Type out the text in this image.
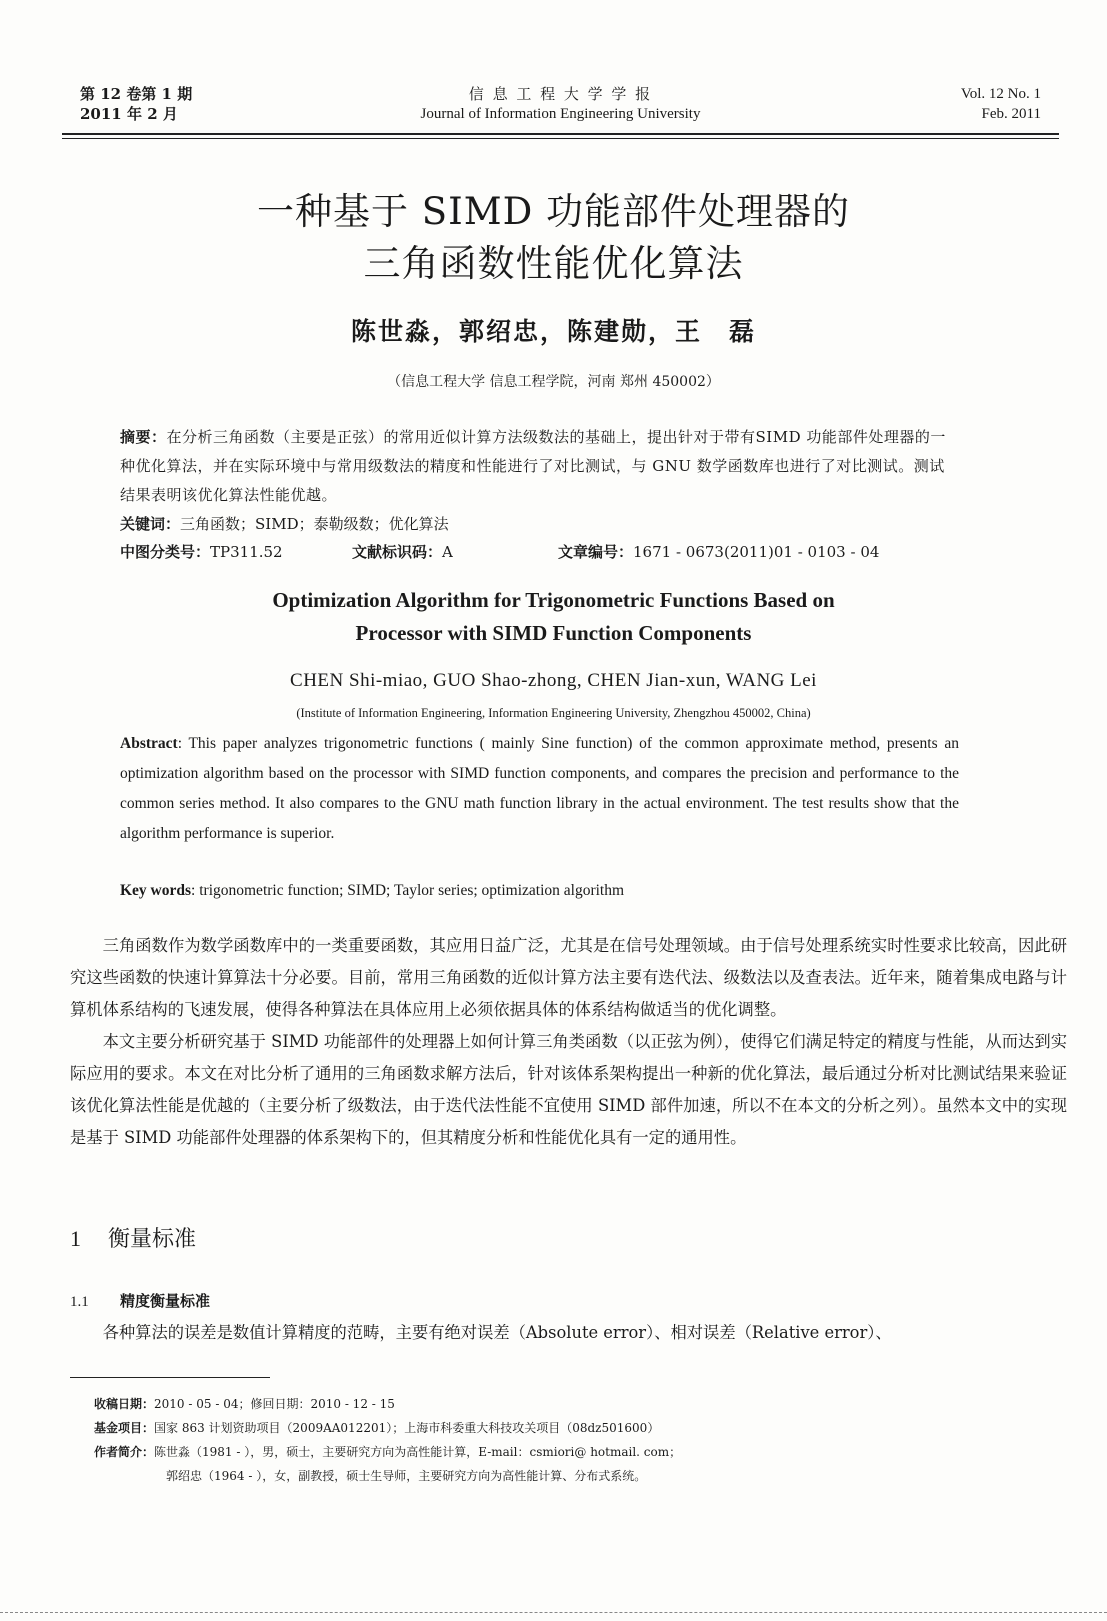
第 12 卷第 1 期
2011 年 2 月
信 息 工 程 大 学 学 报
Journal of Information Engineering University
Vol. 12 No. 1
Feb. 2011
一种基于 SIMD 功能部件处理器的
三角函数性能优化算法
陈世淼，郭绍忠，陈建勋，王　磊
（信息工程大学 信息工程学院，河南 郑州 450002）
摘要：在分析三角函数（主要是正弦）的常用近似计算方法级数法的基础上，提出针对于带有SIMD 功能部件处理器的一种优化算法，并在实际环境中与常用级数法的精度和性能进行了对比测试，与 GNU 数学函数库也进行了对比测试。测试结果表明该优化算法性能优越。
关键词：三角函数；SIMD；泰勒级数；优化算法
中图分类号：TP311.52	文献标识码：A	文章编号：1671 - 0673(2011)01 - 0103 - 04
Optimization Algorithm for Trigonometric Functions Based on
Processor with SIMD Function Components
CHEN Shi-miao, GUO Shao-zhong, CHEN Jian-xun, WANG Lei
(Institute of Information Engineering, Information Engineering University, Zhengzhou 450002, China)
Abstract: This paper analyzes trigonometric functions ( mainly Sine function) of the common approximate method, presents an optimization algorithm based on the processor with SIMD function components, and compares the precision and performance to the common series method. It also compares to the GNU math function library in the actual environment. The test results show that the algorithm performance is superior.
Key words: trigonometric function; SIMD; Taylor series; optimization algorithm

三角函数作为数学函数库中的一类重要函数，其应用日益广泛，尤其是在信号处理领域。由于信号处理系统实时性要求比较高，因此研究这些函数的快速计算算法十分必要。目前，常用三角函数的近似计算方法主要有迭代法、级数法以及查表法。近年来，随着集成电路与计算机体系结构的飞速发展，使得各种算法在具体应用上必须依据具体的体系结构做适当的优化调整。

本文主要分析研究基于 SIMD 功能部件的处理器上如何计算三角类函数（以正弦为例），使得它们满足特定的精度与性能，从而达到实际应用的要求。本文在对比分析了通用的三角函数求解方法后，针对该体系架构提出一种新的优化算法，最后通过分析对比测试结果来验证该优化算法性能是优越的（主要分析了级数法，由于迭代法性能不宜使用 SIMD 部件加速，所以不在本文的分析之列）。虽然本文中的实现是基于 SIMD 功能部件处理器的体系架构下的，但其精度分析和性能优化具有一定的通用性。

1 衡量标准
1.1 精度衡量标准

各种算法的误差是数值计算精度的范畴，主要有绝对误差（Absolute error）、相对误差（Relative error）、

收稿日期：2010 - 05 - 04；修回日期：2010 - 12 - 15
基金项目：国家 863 计划资助项目（2009AA012201）；上海市科委重大科技攻关项目（08dz501600）
作者简介：陈世淼（1981 - ），男，硕士，主要研究方向为高性能计算，E-mail：csmiori@ hotmail. com；
郭绍忠（1964 - ），女，副教授，硕士生导师，主要研究方向为高性能计算、分布式系统。
